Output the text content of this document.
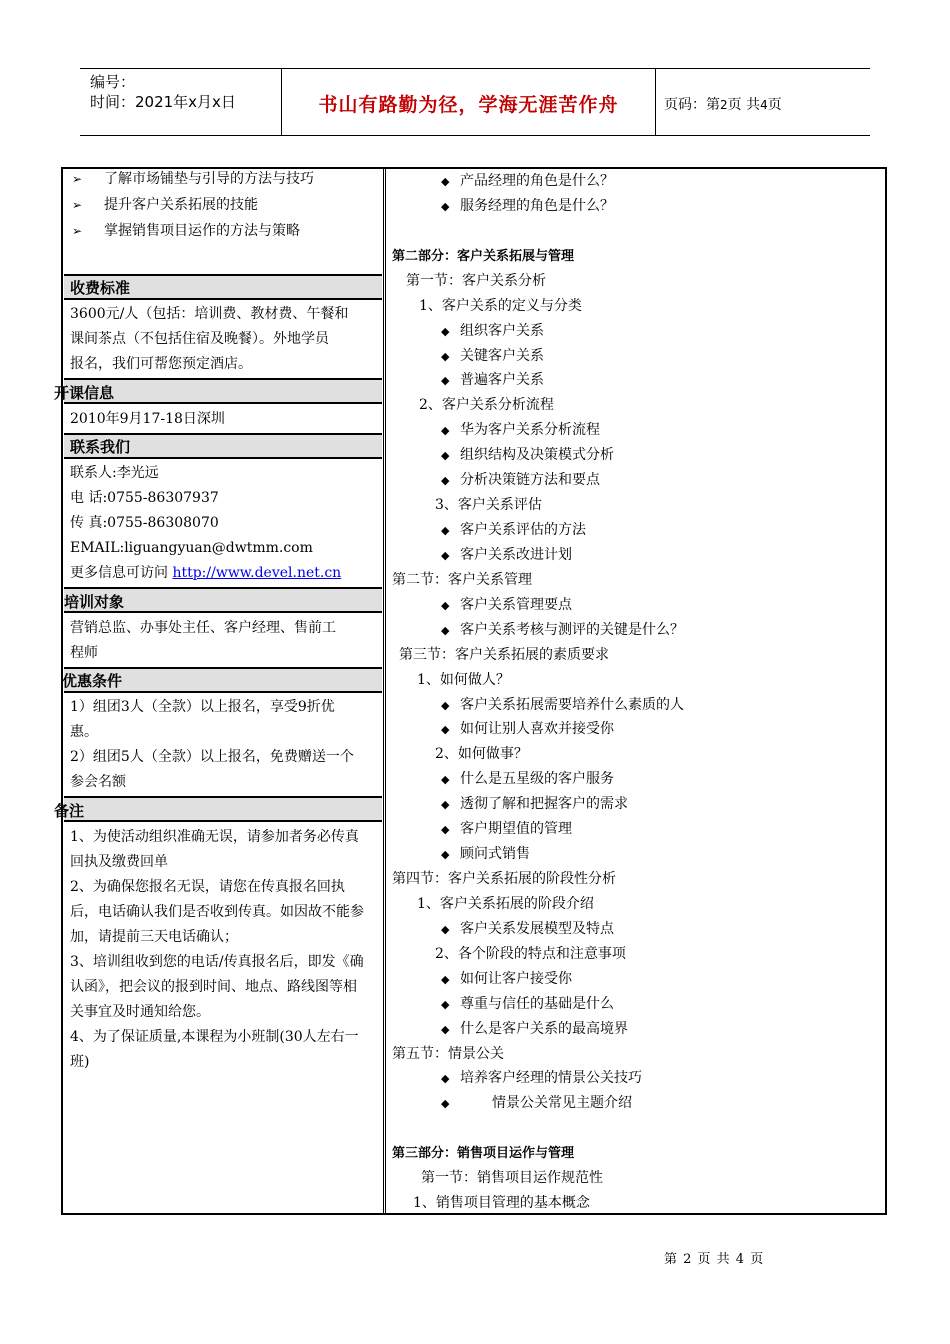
编号：
时间：2021年x月x日	书山有路勤为径，学海无涯苦作舟	页码：第2页 共4页
➢ 了解市场铺垫与引导的方法与技巧
➢ 提升客户关系拓展的技能
➢ 掌握销售项目运作的方法与策略
收费标准
3600元/人（包括：培训费、教材费、午餐和
课间茶点（不包括住宿及晚餐）。外地学员
报名，我们可帮您预定酒店。
开课信息
2010年9月17-18日深圳
联系我们
联系人:李光远
电 话:0755-86307937
传 真:0755-86308070
EMAIL:liguangyuan@dwtmm.com
更多信息可访问 http://www.devel.net.cn
培训对象
营销总监、办事处主任、客户经理、售前工
程师
优惠条件
1）组团3人（全款）以上报名，享受9折优
惠。
2）组团5人（全款）以上报名，免费赠送一个
参会名额
备注
1、为使活动组织准确无误，请参加者务必传真
回执及缴费回单
2、为确保您报名无误，请您在传真报名回执
后，电话确认我们是否收到传真。如因故不能参
加，请提前三天电话确认；
3、培训组收到您的电话/传真报名后，即发《确
认函》，把会议的报到时间、地点、路线图等相
关事宜及时通知给您。
4、为了保证质量,本课程为小班制(30人左右一
班)
◆ 产品经理的角色是什么？
◆ 服务经理的角色是什么？
第二部分：客户关系拓展与管理
第一节：客户关系分析
1、客户关系的定义与分类
◆ 组织客户关系
◆ 关键客户关系
◆ 普遍客户关系
2、客户关系分析流程
◆ 华为客户关系分析流程
◆ 组织结构及决策模式分析
◆ 分析决策链方法和要点
3、客户关系评估
◆ 客户关系评估的方法
◆ 客户关系改进计划
第二节：客户关系管理
◆ 客户关系管理要点
◆ 客户关系考核与测评的关键是什么？
第三节：客户关系拓展的素质要求
1、如何做人？
◆ 客户关系拓展需要培养什么素质的人
◆ 如何让别人喜欢并接受你
2、如何做事？
◆ 什么是五星级的客户服务
◆ 透彻了解和把握客户的需求
◆ 客户期望值的管理
◆ 顾问式销售
第四节：客户关系拓展的阶段性分析
1、客户关系拓展的阶段介绍
◆ 客户关系发展模型及特点
2、各个阶段的特点和注意事项
◆ 如何让客户接受你
◆ 尊重与信任的基础是什么
◆ 什么是客户关系的最高境界
第五节：情景公关
◆ 培养客户经理的情景公关技巧
◆	情景公关常见主题介绍
第三部分：销售项目运作与管理
第一节：销售项目运作规范性
1、销售项目管理的基本概念
第 2 页 共 4 页
